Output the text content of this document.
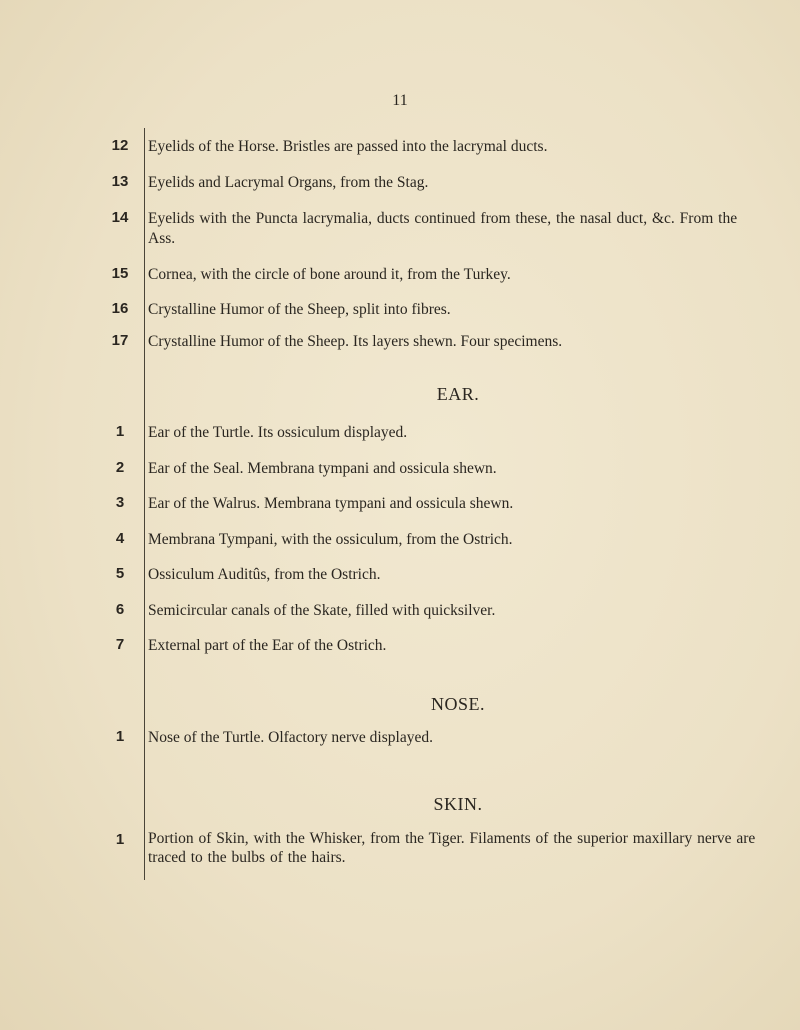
11
12	Eyelids of the Horse. Bristles are passed into the lacrymal ducts.
13	Eyelids and Lacrymal Organs, from the Stag.
14	Eyelids with the Puncta lacrymalia, ducts continued from these, the nasal duct, &c. From the Ass.
15	Cornea, with the circle of bone around it, from the Turkey.
16	Crystalline Humor of the Sheep, split into fibres.
17	Crystalline Humor of the Sheep. Its layers shewn. Four specimens.
EAR.
1	Ear of the Turtle. Its ossiculum displayed.
2	Ear of the Seal. Membrana tympani and ossicula shewn.
3	Ear of the Walrus. Membrana tympani and ossicula shewn.
4	Membrana Tympani, with the ossiculum, from the Ostrich.
5	Ossiculum Auditûs, from the Ostrich.
6	Semicircular canals of the Skate, filled with quicksilver.
7	External part of the Ear of the Ostrich.
NOSE.
1	Nose of the Turtle. Olfactory nerve displayed.
SKIN.
1	Portion of Skin, with the Whisker, from the Tiger. Filaments of the superior maxillary nerve are traced to the bulbs of the hairs.
